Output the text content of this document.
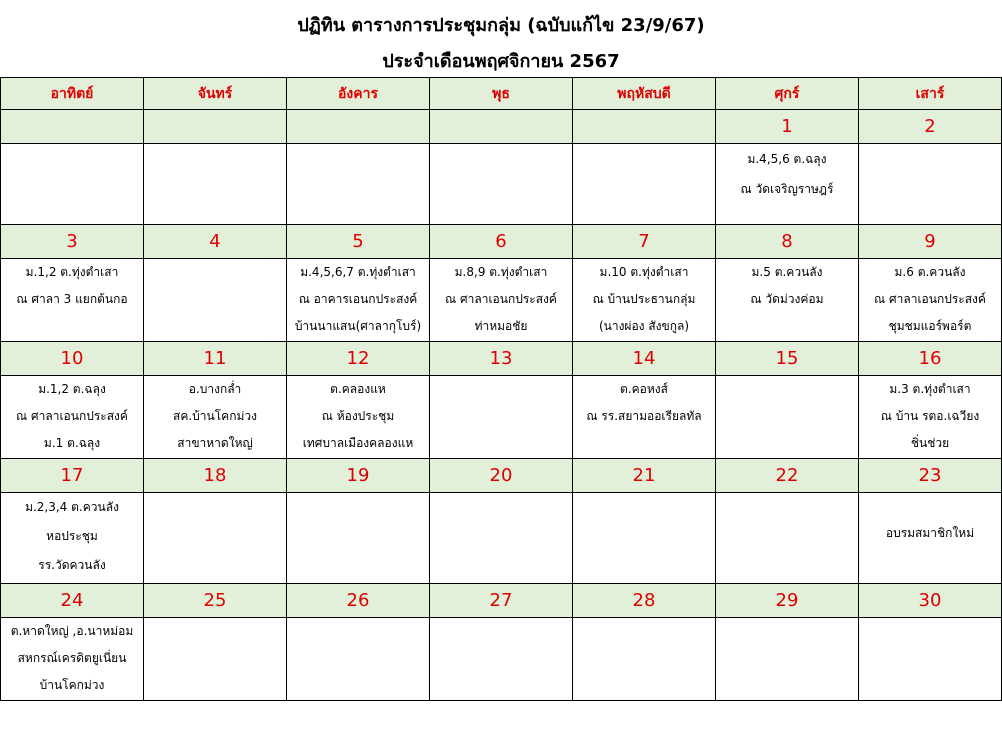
ปฏิทิน ตารางการประชุมกลุ่ม (ฉบับแก้ไข 23/9/67)
ประจำเดือนพฤศจิกายน 2567
อาทิตย์	จันทร์	อังคาร	พุธ	พฤหัสบดี	ศุกร์	เสาร์
					1	2

					ม.4,5,6 ต.ฉลุง
ณ วัดเจริญราษฎร์	

3	4	5	6	7	8	9

ม.1,2 ต.ทุ่งตำเสา
ณ ศาลา 3 แยกต้นกอ		ม.4,5,6,7 ต.ทุ่งตำเสา
ณ อาคารเอนกประสงค์
บ้านนาแสน(ศาลากุโบร์)	ม.8,9 ต.ทุ่งตำเสา
ณ ศาลาเอนกประสงค์
ท่าหมอชัย	ม.10 ต.ทุ่งตำเสา
ณ บ้านประธานกลุ่ม
(นางผ่อง สังขกูล)	ม.5 ต.ควนลัง
ณ วัดม่วงค่อม	ม.6 ต.ควนลัง
ณ ศาลาเอนกประสงค์
ชุมชมแอร์พอร์ต

10	11	12	13	14	15	16

ม.1,2 ต.ฉลุง
ณ ศาลาเอนกประสงค์
ม.1 ต.ฉลุง	อ.บางกล่ำ
สค.บ้านโคกม่วง
สาขาหาดใหญ่	ต.คลองแห
ณ ห้องประชุม
เทศบาลเมืองคลองแห		ต.คอหงส์
ณ รร.สยามออเรียลทัล		ม.3 ต.ทุ่งตำเสา
ณ บ้าน รตอ.เฉวียง
ชิ่นช่วย

17	18	19	20	21	22	23

ม.2,3,4 ต.ควนลัง
หอประชุม
รร.วัดควนลัง						อบรมสมาชิกใหม่

24	25	26	27	28	29	30

ต.หาดใหญ่ ,อ.นาหม่อม
สหกรณ์เครดิตยูเนี่ยน
บ้านโคกม่วง						
